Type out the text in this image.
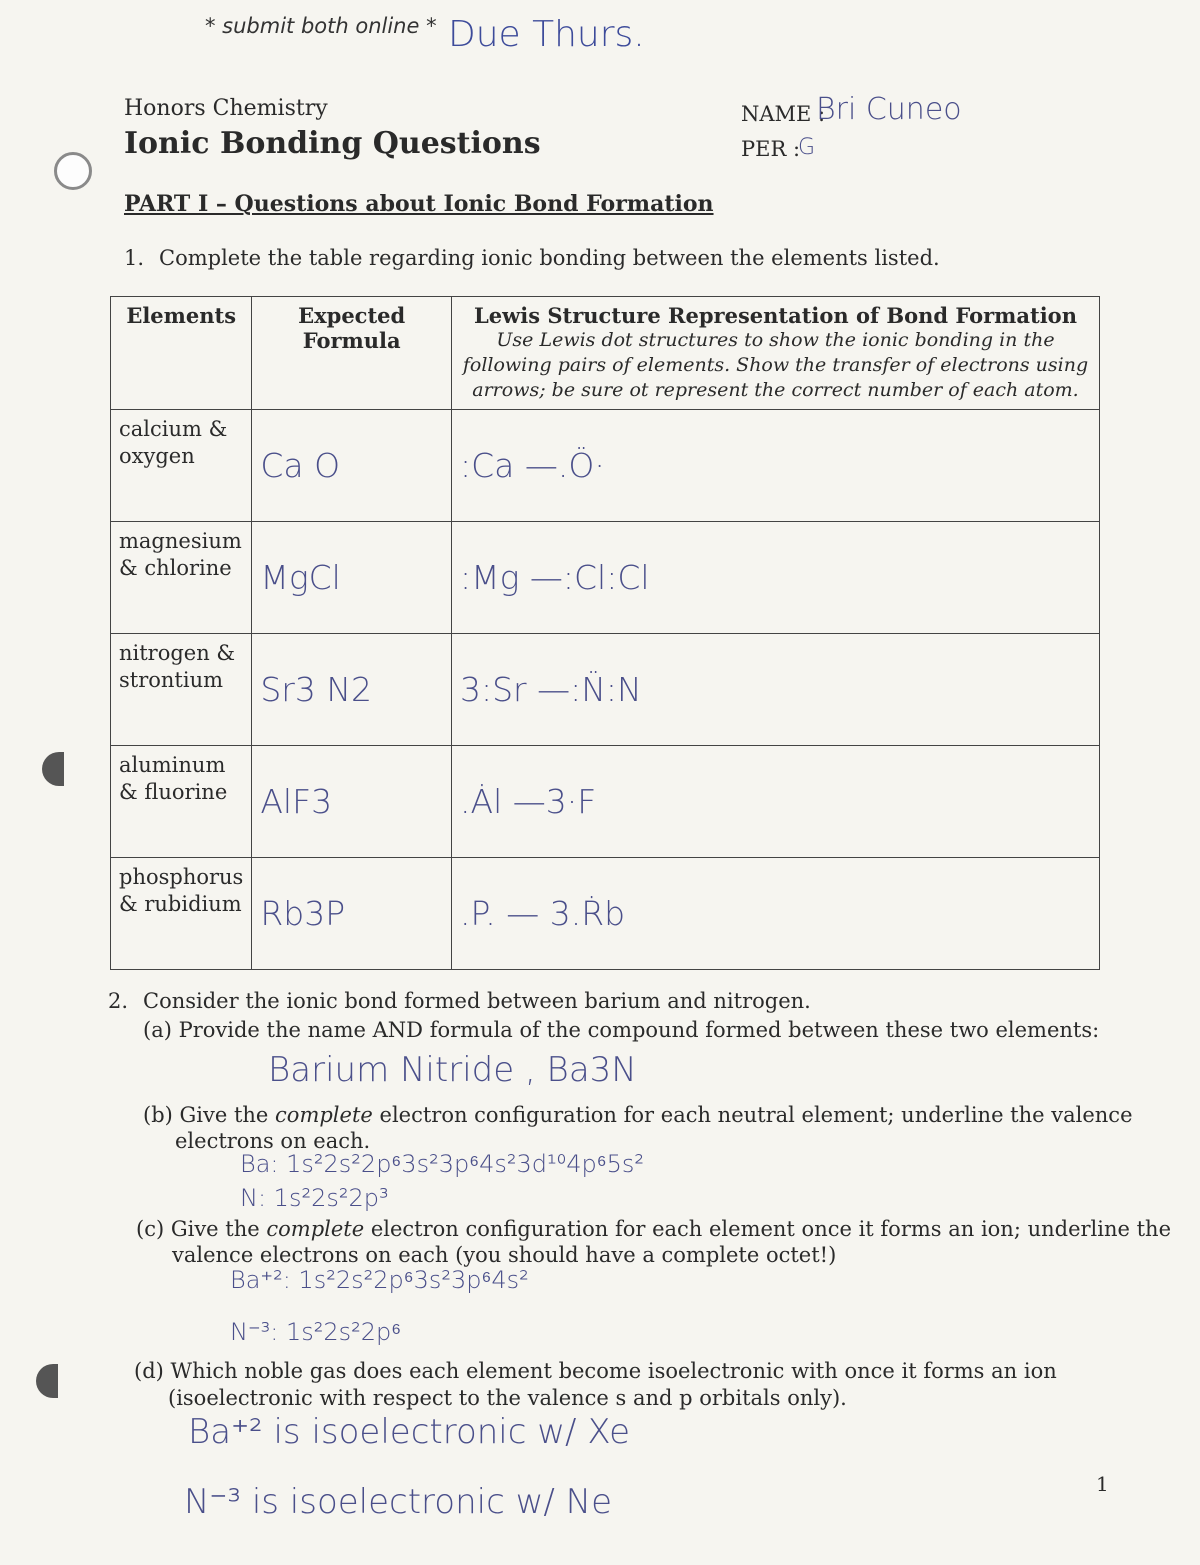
* submit both online * Due Thurs.
Honors Chemistry
Ionic Bonding Questions
NAME :
Bri Cuneo
PER :
G
PART I – Questions about Ionic Bond Formation
1. Complete the table regarding ionic bonding between the elements listed.
Elements	Expected Formula	Lewis Structure Representation of Bond Formation
Use Lewis dot structures to show the ionic bonding in the following pairs of elements. Show the transfer of electrons using arrows; be sure ot represent the correct number of each atom.

calcium & oxygen	Ca O	:Ca —.Ö·
magnesium & chlorine	MgCl	:Mg —:Cl:Cl
nitrogen & strontium	Sr3 N2	3:Sr —:N̈:N
aluminum & fluorine	AlF3	.Ȧl —3·F
phosphorus & rubidium	Rb3P	.P. — 3.Ṙb
2. Consider the ionic bond formed between barium and nitrogen.
(a) Provide the name AND formula of the compound formed between these two elements:
Barium Nitride , Ba3N
(b) Give the complete electron configuration for each neutral element; underline the valence
electrons on each.
Ba: 1s²2s²2p⁶3s²3p⁶4s²3d¹⁰4p⁶5s²
N: 1s²2s²2p³
(c) Give the complete electron configuration for each element once it forms an ion; underline the
valence electrons on each (you should have a complete octet!)
Ba⁺²: 1s²2s²2p⁶3s²3p⁶4s²
N⁻³: 1s²2s²2p⁶
(d) Which noble gas does each element become isoelectronic with once it forms an ion
(isoelectronic with respect to the valence s and p orbitals only).
Ba⁺² is isoelectronic w/ Xe
N⁻³ is isoelectronic w/ Ne	1
